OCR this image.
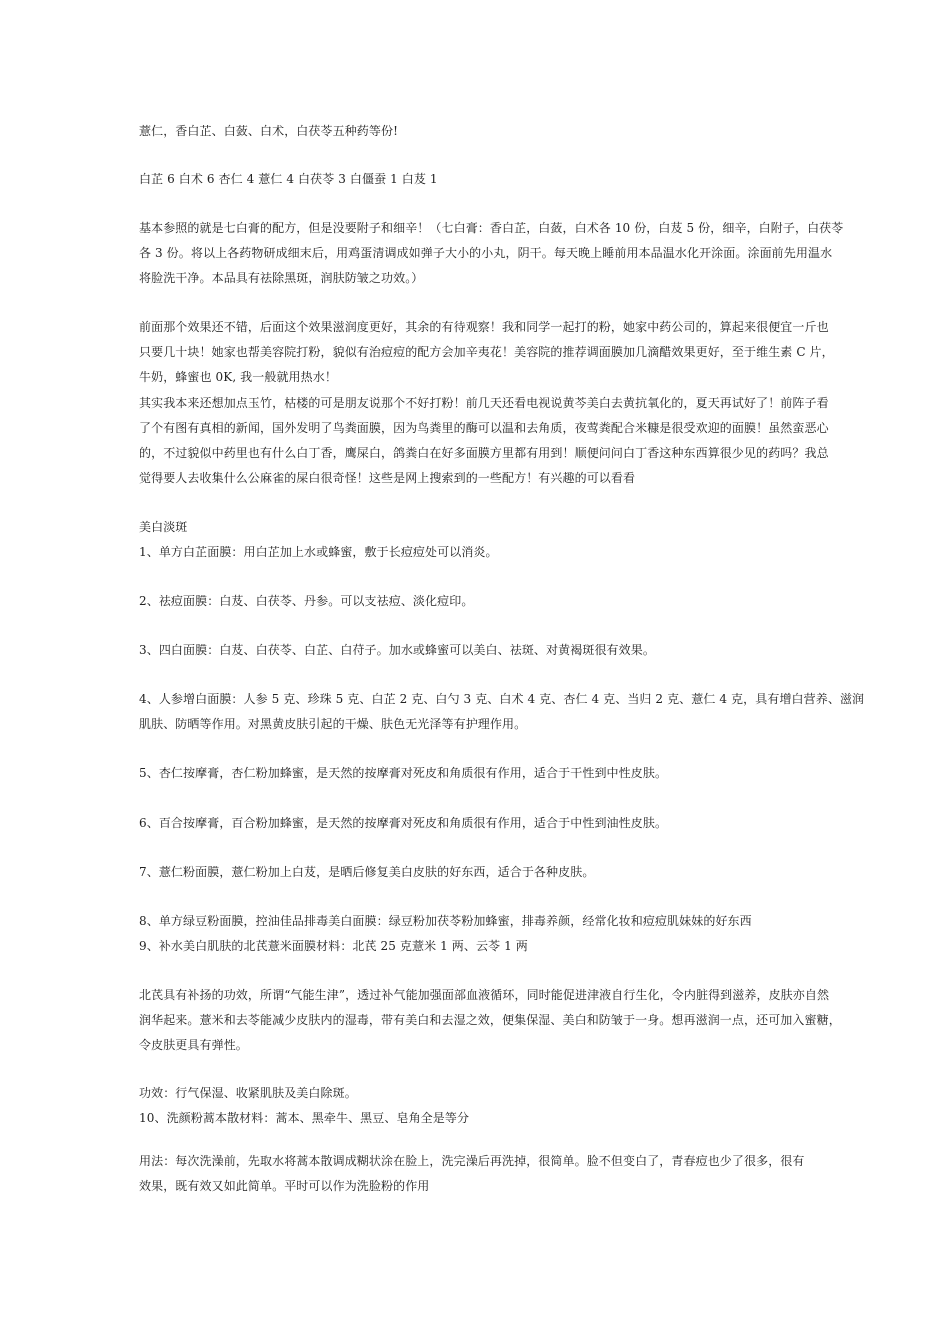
薏仁，香白芷、白蔹、白术，白茯苓五种药等份!

白芷 6 白术 6 杏仁 4 薏仁 4 白茯苓 3 白僵蚕 1 白芨 1

基本参照的就是七白膏的配方，但是没要附子和细辛！（七白膏：香白芷，白蔹，白术各 10 份，白芨 5 份，细辛，白附子，白茯苓

各 3 份。将以上各药物研成细末后，用鸡蛋清调成如弹子大小的小丸，阴干。每天晚上睡前用本品温水化开涂面。涂面前先用温水

将脸洗干净。本品具有祛除黑斑，润肤防皱之功效。）

前面那个效果还不错，后面这个效果滋润度更好，其余的有待观察！我和同学一起打的粉，她家中药公司的，算起来很便宜一斤也

只要几十块！她家也帮美容院打粉，貌似有治痘痘的配方会加辛夷花！美容院的推荐调面膜加几滴醋效果更好，至于维生素 C 片，

牛奶，蜂蜜也 0K, 我一般就用热水！

其实我本来还想加点玉竹，枯楼的可是朋友说那个不好打粉！前几天还看电视说黄芩美白去黄抗氧化的，夏天再试好了！前阵子看

了个有图有真相的新闻，国外发明了鸟粪面膜，因为鸟粪里的酶可以温和去角质，夜莺粪配合米糠是很受欢迎的面膜！虽然蛮恶心

的，不过貌似中药里也有什么白丁香，鹰屎白，鸽粪白在好多面膜方里都有用到！顺便问问白丁香这种东西算很少见的药吗？我总

觉得要人去收集什么公麻雀的屎白很奇怪！这些是网上搜索到的一些配方！有兴趣的可以看看

美白淡斑

1、单方白芷面膜：用白芷加上水或蜂蜜，敷于长痘痘处可以消炎。

2、祛痘面膜：白芨、白茯苓、丹参。可以支祛痘、淡化痘印。

3、四白面膜：白芨、白茯苓、白芷、白苻子。加水或蜂蜜可以美白、祛斑、对黄褐斑很有效果。

4、人参增白面膜：人参 5 克、珍珠 5 克、白芷 2 克、白勺 3 克、白术 4 克、杏仁 4 克、当归 2 克、薏仁 4 克，具有增白营养、滋润

肌肤、防晒等作用。对黑黄皮肤引起的干燥、肤色无光泽等有护理作用。

5、杏仁按摩膏，杏仁粉加蜂蜜，是天然的按摩膏对死皮和角质很有作用，适合于干性到中性皮肤。

6、百合按摩膏，百合粉加蜂蜜，是天然的按摩膏对死皮和角质很有作用，适合于中性到油性皮肤。

7、薏仁粉面膜，薏仁粉加上白芨，是晒后修复美白皮肤的好东西，适合于各种皮肤。

8、单方绿豆粉面膜，控油佳品排毒美白面膜：绿豆粉加茯苓粉加蜂蜜，排毒养颜，经常化妆和痘痘肌妹妹的好东西

9、补水美白肌肤的北芪薏米面膜材料：北芪 25 克薏米 1 两、云苓 1 两

北芪具有补扬的功效，所谓“气能生津”，透过补气能加强面部血液循环，同时能促进津液自行生化，令内脏得到滋养，皮肤亦自然

润华起来。薏米和去苓能减少皮肤内的湿毒，带有美白和去湿之效，便集保湿、美白和防皱于一身。想再滋润一点，还可加入蜜糖，

令皮肤更具有弹性。

功效：行气保湿、收紧肌肤及美白除斑。

10、洗颜粉蒿本散材料：蒿本、黑牵牛、黑豆、皂角全是等分

用法：每次洗澡前，先取水将蒿本散调成糊状涂在脸上，洗完澡后再洗掉，很简单。脸不但变白了，青春痘也少了很多，很有

效果，既有效又如此简单。平时可以作为洗脸粉的作用
